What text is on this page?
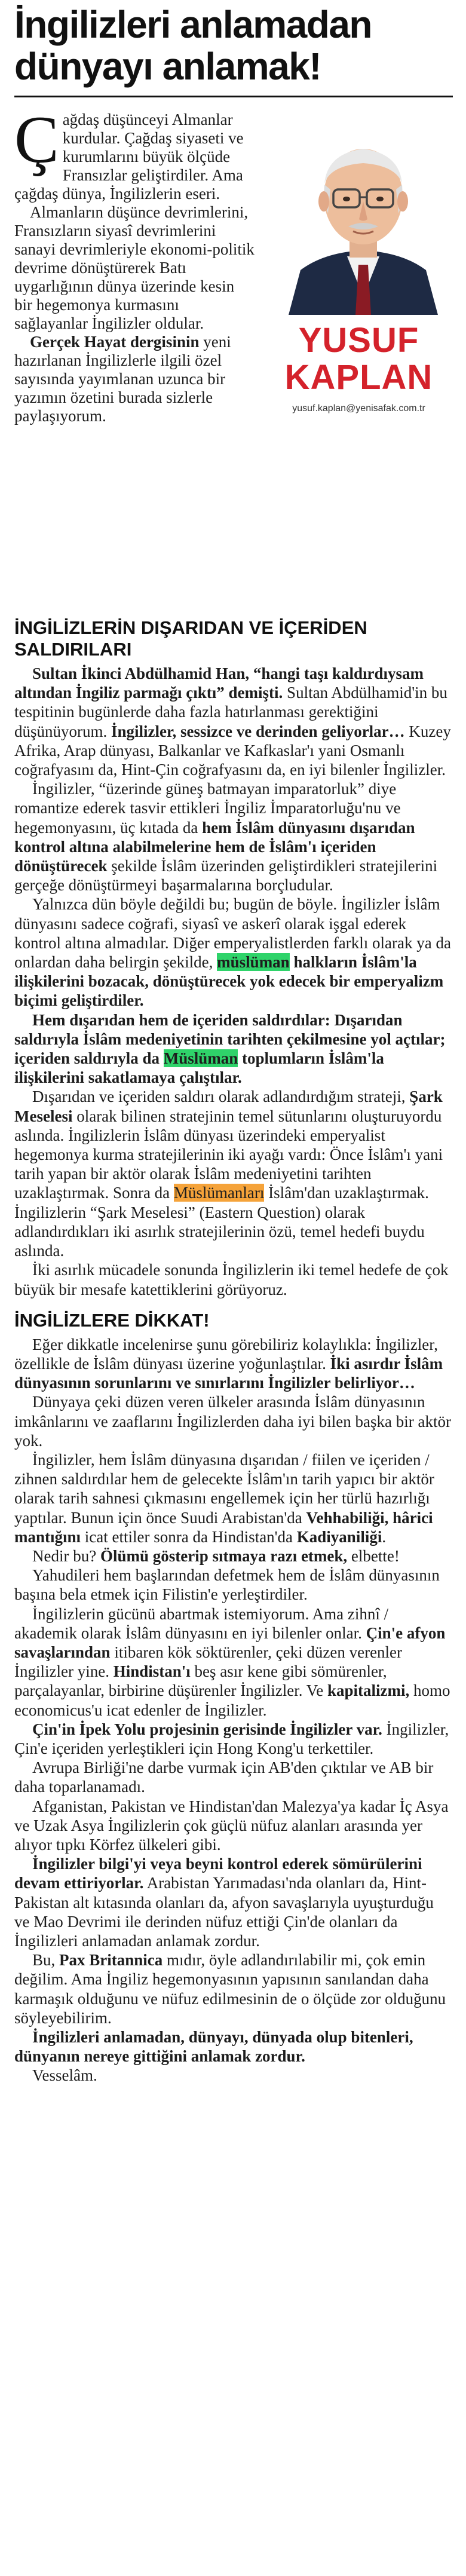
İngilizleri anlamadan dünyayı anlamak!
YUSUF KAPLAN
yusuf.kaplan@yenisafak.com.tr
Ç ağdaş düşünceyi Almanlar kurdular. Çağdaş siyaseti ve kurumlarını büyük ölçüde Fransızlar geliştirdiler. Ama çağdaş dünya, İngilizlerin eseri.

Almanların düşünce devrimlerini, Fransızların siyasî devrimlerini sanayi devrimleriyle ekonomi-politik devrime dönüştürerek Batı uygarlığının dünya üzerinde kesin bir hegemonya kurmasını sağlayanlar İngilizler oldular.

Gerçek Hayat dergisinin yeni hazırlanan İngilizlerle ilgili özel sayısında yayımlanan uzunca bir yazımın özetini burada sizlerle paylaşıyorum.

İNGİLİZLERİN DIŞARIDAN VE İÇERİDEN SALDIRILARI

Sultan İkinci Abdülhamid Han, “hangi taşı kaldırdıysam altından İngiliz parmağı çıktı” demişti. Sultan Abdülhamid'in bu tespitinin bugünlerde daha fazla hatırlanması gerektiğini düşünüyorum. İngilizler, sessizce ve derinden geliyorlar… Kuzey Afrika, Arap dünyası, Balkanlar ve Kafkaslar'ı yani Osmanlı coğrafyasını da, Hint-Çin coğrafyasını da, en iyi bilenler İngilizler.

İngilizler, “üzerinde güneş batmayan imparatorluk” diye romantize ederek tasvir ettikleri İngiliz İmparatorluğu'nu ve hegemonyasını, üç kıtada da hem İslâm dünyasını dışarıdan kontrol altına alabilmelerine hem de İslâm'ı içeriden dönüştürecek şekilde İslâm üzerinden geliştirdikleri stratejilerini gerçeğe dönüştürmeyi başarmalarına borçludular.

Yalnızca dün böyle değildi bu; bugün de böyle. İngilizler İslâm dünyasını sadece coğrafi, siyasî ve askerî olarak işgal ederek kontrol altına almadılar. Diğer emperyalistlerden farklı olarak ya da onlardan daha belirgin şekilde, müslüman halkların İslâm'la ilişkilerini bozacak, dönüştürecek yok edecek bir emperyalizm biçimi geliştirdiler.

Hem dışarıdan hem de içeriden saldırdılar: Dışarıdan saldırıyla İslâm medeniyetinin tarihten çekilmesine yol açtılar; içeriden saldırıyla da Müslüman toplumların İslâm'la ilişkilerini sakatlamaya çalıştılar.

Dışarıdan ve içeriden saldırı olarak adlandırdığım strateji, Şark Meselesi olarak bilinen stratejinin temel sütunlarını oluşturuyordu aslında. İngilizlerin İslâm dünyası üzerindeki emperyalist hegemonya kurma stratejilerinin iki ayağı vardı: Önce İslâm'ı yani tarih yapan bir aktör olarak İslâm medeniyetini tarihten uzaklaştırmak. Sonra da Müslümanları İslâm'dan uzaklaştırmak. İngilizlerin “Şark Meselesi” (Eastern Question) olarak adlandırdıkları iki asırlık stratejilerinin özü, temel hedefi buydu aslında.

İki asırlık mücadele sonunda İngilizlerin iki temel hedefe de çok büyük bir mesafe katettiklerini görüyoruz.

İNGİLİZLERE DİKKAT!

Eğer dikkatle incelenirse şunu görebiliriz kolaylıkla: İngilizler, özellikle de İslâm dünyası üzerine yoğunlaştılar. İki asırdır İslâm dünyasının sorunlarını ve sınırlarını İngilizler belirliyor…

Dünyaya çeki düzen veren ülkeler arasında İslâm dünyasının imkânlarını ve zaaflarını İngilizlerden daha iyi bilen başka bir aktör yok.

İngilizler, hem İslâm dünyasına dışarıdan / fiilen ve içeriden / zihnen saldırdılar hem de gelecekte İslâm'ın tarih yapıcı bir aktör olarak tarih sahnesi çıkmasını engellemek için her türlü hazırlığı yaptılar. Bunun için önce Suudi Arabistan'da Vehhabiliği, hârici mantığını icat ettiler sonra da Hindistan'da Kadiyaniliği.

Nedir bu? Ölümü gösterip sıtmaya razı etmek, elbette!

Yahudileri hem başlarından defetmek hem de İslâm dünyasının başına bela etmek için Filistin'e yerleştirdiler.

İngilizlerin gücünü abartmak istemiyorum. Ama zihnî / akademik olarak İslâm dünyasını en iyi bilenler onlar. Çin'e afyon savaşlarından itibaren kök söktürenler, çeki düzen verenler İngilizler yine. Hindistan'ı beş asır kene gibi sömürenler, parçalayanlar, birbirine düşürenler İngilizler. Ve kapitalizmi, homo economicus'u icat edenler de İngilizler.

Çin'in İpek Yolu projesinin gerisinde İngilizler var. İngilizler, Çin'e içeriden yerleştikleri için Hong Kong'u terkettiler.

Avrupa Birliği'ne darbe vurmak için AB'den çıktılar ve AB bir daha toparlanamadı.

Afganistan, Pakistan ve Hindistan'dan Malezya'ya kadar İç Asya ve Uzak Asya İngilizlerin çok güçlü nüfuz alanları arasında yer alıyor tıpkı Körfez ülkeleri gibi.

İngilizler bilgi'yi veya beyni kontrol ederek sömürülerini devam ettiriyorlar. Arabistan Yarımadası'nda olanları da, Hint-Pakistan alt kıtasında olanları da, afyon savaşlarıyla uyuşturduğu ve Mao Devrimi ile derinden nüfuz ettiği Çin'de olanları da İngilizleri anlamadan anlamak zordur.

Bu, Pax Britannica mıdır, öyle adlandırılabilir mi, çok emin değilim. Ama İngiliz hegemonyasının yapısının sanılandan daha karmaşık olduğunu ve nüfuz edilmesinin de o ölçüde zor olduğunu söyleyebilirim.

İngilizleri anlamadan, dünyayı, dünyada olup bitenleri, dünyanın nereye gittiğini anlamak zordur.

Vesselâm.
